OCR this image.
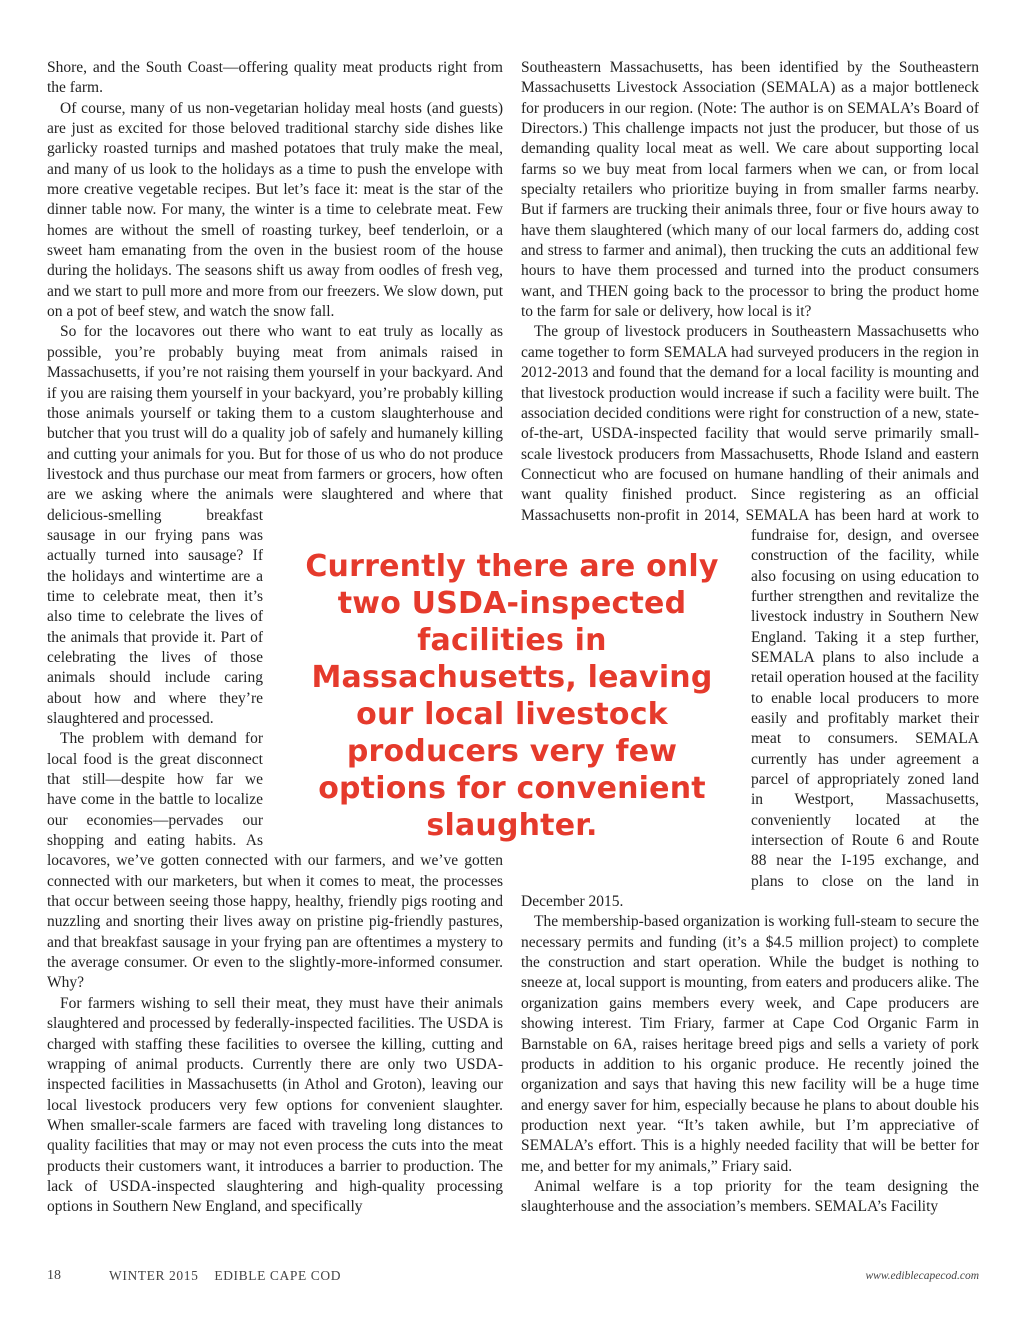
Shore, and the South Coast—offering quality meat products right from the farm.

Of course, many of us non-vegetarian holiday meal hosts (and guests) are just as excited for those beloved traditional starchy side dishes like garlicky roasted turnips and mashed potatoes that truly make the meal, and many of us look to the holidays as a time to push the envelope with more creative vegetable recipes. But let’s face it: meat is the star of the dinner table now. For many, the winter is a time to celebrate meat. Few homes are without the smell of roasting turkey, beef tenderloin, or a sweet ham emanating from the oven in the busiest room of the house during the holidays. The seasons shift us away from oodles of fresh veg, and we start to pull more and more from our freezers. We slow down, put on a pot of beef stew, and watch the snow fall.

So for the locavores out there who want to eat truly as locally as possible, you’re probably buying meat from animals raised in Massachusetts, if you’re not raising them yourself in your backyard. And if you are raising them yourself in your backyard, you’re probably killing those animals yourself or taking them to a custom slaughterhouse and butcher that you trust will do a quality job of safely and humanely killing and cutting your animals for you. But for those of us who do not produce livestock and thus purchase our meat from farmers or grocers, how often are we asking where the animals were slaughtered and where that delicious-smelling breakfast sausage in our frying pans was actually turned into sausage? If the holidays and wintertime are a time to celebrate meat, then it’s also time to celebrate the lives of the animals that provide it. Part of celebrating the lives of those animals should include caring about how and where they’re slaughtered and processed.

The problem with demand for local food is the great disconnect that still—despite how far we have come in the battle to localize our economies—pervades our shopping and eating habits. As locavores, we’ve gotten connected with our farmers, and we’ve gotten connected with our marketers, but when it comes to meat, the processes that occur between seeing those happy, healthy, friendly pigs rooting and nuzzling and snorting their lives away on pristine pig-friendly pastures, and that breakfast sausage in your frying pan are oftentimes a mystery to the average consumer. Or even to the slightly-more-informed consumer. Why?

For farmers wishing to sell their meat, they must have their animals slaughtered and processed by federally-inspected facilities. The USDA is charged with staffing these facilities to oversee the killing, cutting and wrapping of animal products. Currently there are only two USDA-inspected facilities in Massachusetts (in Athol and Groton), leaving our local livestock producers very few options for convenient slaughter. When smaller-scale farmers are faced with traveling long distances to quality facilities that may or may not even process the cuts into the meat products their customers want, it introduces a barrier to production. The lack of USDA-inspected slaughtering and high-quality processing options in Southern New England, and specifically

Southeastern Massachusetts, has been identified by the Southeastern Massachusetts Livestock Association (SEMALA) as a major bottleneck for producers in our region. (Note: The author is on SEMALA’s Board of Directors.) This challenge impacts not just the producer, but those of us demanding quality local meat as well. We care about supporting local farms so we buy meat from local farmers when we can, or from local specialty retailers who prioritize buying in from smaller farms nearby. But if farmers are trucking their animals three, four or five hours away to have them slaughtered (which many of our local farmers do, adding cost and stress to farmer and animal), then trucking the cuts an additional few hours to have them processed and turned into the product consumers want, and THEN going back to the processor to bring the product home to the farm for sale or delivery, how local is it?

The group of livestock producers in Southeastern Massachusetts who came together to form SEMALA had surveyed producers in the region in 2012-2013 and found that the demand for a local facility is mounting and that livestock production would increase if such a facility were built. The association decided conditions were right for construction of a new, state-of-the-art, USDA-inspected facility that would serve primarily small-scale livestock producers from Massachusetts, Rhode Island and eastern Connecticut who are focused on humane handling of their animals and want quality finished product. Since registering as an official Massachusetts non-profit in 2014, SEMALA has been hard at work to fundraise for, design, and oversee construction of the facility, while also focusing on using education to further strengthen and revitalize the livestock industry in Southern New England. Taking it a step further, SEMALA plans to also include a retail operation housed at the facility to enable local producers to more easily and profitably market their meat to consumers. SEMALA currently has under agreement a parcel of appropriately zoned land in Westport, Massachusetts, conveniently located at the intersection of Route 6 and Route 88 near the I-195 exchange, and plans to close on the land in December 2015.

The membership-based organization is working full-steam to secure the necessary permits and funding (it’s a $4.5 million project) to complete the construction and start operation. While the budget is nothing to sneeze at, local support is mounting, from eaters and producers alike. The organization gains members every week, and Cape producers are showing interest. Tim Friary, farmer at Cape Cod Organic Farm in Barnstable on 6A, raises heritage breed pigs and sells a variety of pork products in addition to his organic produce. He recently joined the organization and says that having this new facility will be a huge time and energy saver for him, especially because he plans to about double his production next year. “It’s taken awhile, but I’m appreciative of SEMALA’s effort. This is a highly needed facility that will be better for me, and better for my animals,” Friary said.

Animal welfare is a top priority for the team designing the slaughterhouse and the association’s members. SEMALA’s Facility

Currently there are only two USDA-inspected facilities in Massachusetts, leaving our local livestock producers very few options for convenient slaughter.
18	WINTER 2015    EDIBLE CAPE COD	www.ediblecapecod.com
